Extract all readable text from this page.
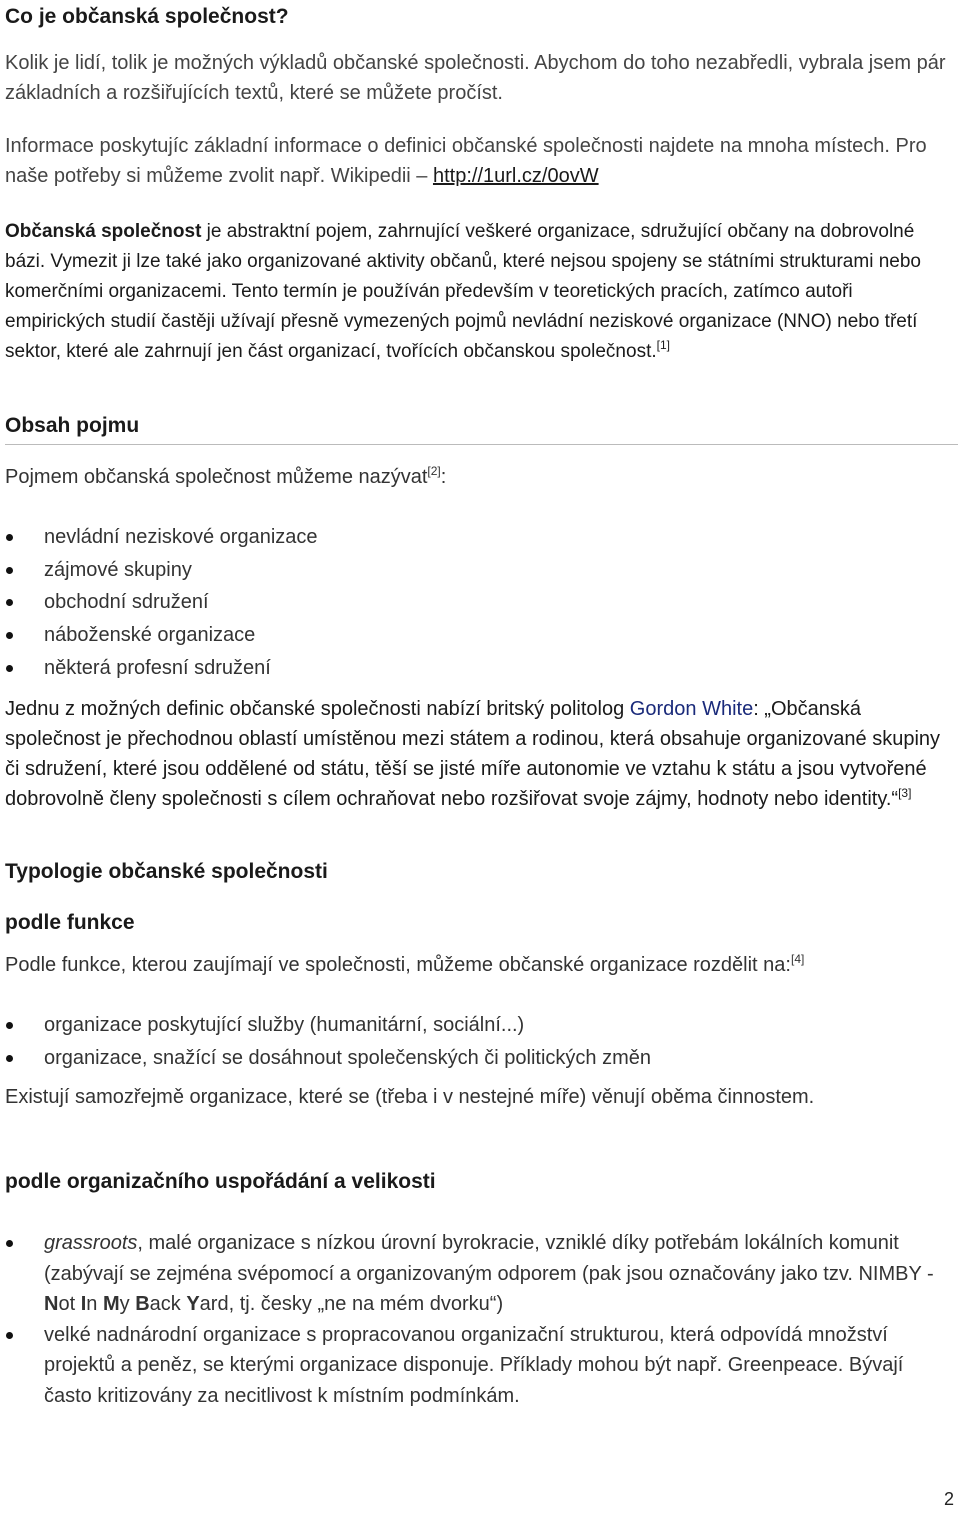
Co je občanská společnost?

Kolik je lidí, tolik je možných výkladů občanské společnosti. Abychom do toho nezabředli, vybrala jsem pár základních a rozšiřujících textů, které se můžete pročíst.

Informace poskytujíc základní informace o definici občanské společnosti najdete na mnoha místech. Pro naše potřeby si můžeme zvolit např. Wikipedii – http://1url.cz/0ovW

Občanská společnost je abstraktní pojem, zahrnující veškeré organizace, sdružující občany na dobrovolné bázi. Vymezit ji lze také jako organizované aktivity občanů, které nejsou spojeny se státními strukturami nebo komerčními organizacemi. Tento termín je používán především v teoretických pracích, zatímco autoři empirických studií častěji užívají přesně vymezených pojmů nevládní neziskové organizace (NNO) nebo třetí sektor, které ale zahrnují jen část organizací, tvořících občanskou společnost.[1]

Obsah pojmu

Pojmem občanská společnost můžeme nazývat[2]:

nevládní neziskové organizace
zájmové skupiny
obchodní sdružení
náboženské organizace
některá profesní sdružení

Jednu z možných definic občanské společnosti nabízí britský politolog Gordon White: „Občanská společnost je přechodnou oblastí umístěnou mezi státem a rodinou, která obsahuje organizované skupiny či sdružení, které jsou oddělené od státu, těší se jisté míře autonomie ve vztahu k státu a jsou vytvořené dobrovolně členy společnosti s cílem ochraňovat nebo rozšiřovat svoje zájmy, hodnoty nebo identity.“[3]

Typologie občanské společnosti
podle funkce

Podle funkce, kterou zaujímají ve společnosti, můžeme občanské organizace rozdělit na:[4]

organizace poskytující služby (humanitární, sociální...)
organizace, snažící se dosáhnout společenských či politických změn

Existují samozřejmě organizace, které se (třeba i v nestejné míře) věnují oběma činnostem.

podle organizačního uspořádání a velikosti
grassroots, malé organizace s nízkou úrovní byrokracie, vzniklé díky potřebám lokálních komunit (zabývají se zejména svépomocí a organizovaným odporem (pak jsou označovány jako tzv. NIMBY - Not In My Back Yard, tj. česky „ne na mém dvorku“)
velké nadnárodní organizace s propracovanou organizační strukturou, která odpovídá množství projektů a peněz, se kterými organizace disponuje. Příklady mohou být např. Greenpeace. Bývají často kritizovány za necitlivost k místním podmínkám.
2
